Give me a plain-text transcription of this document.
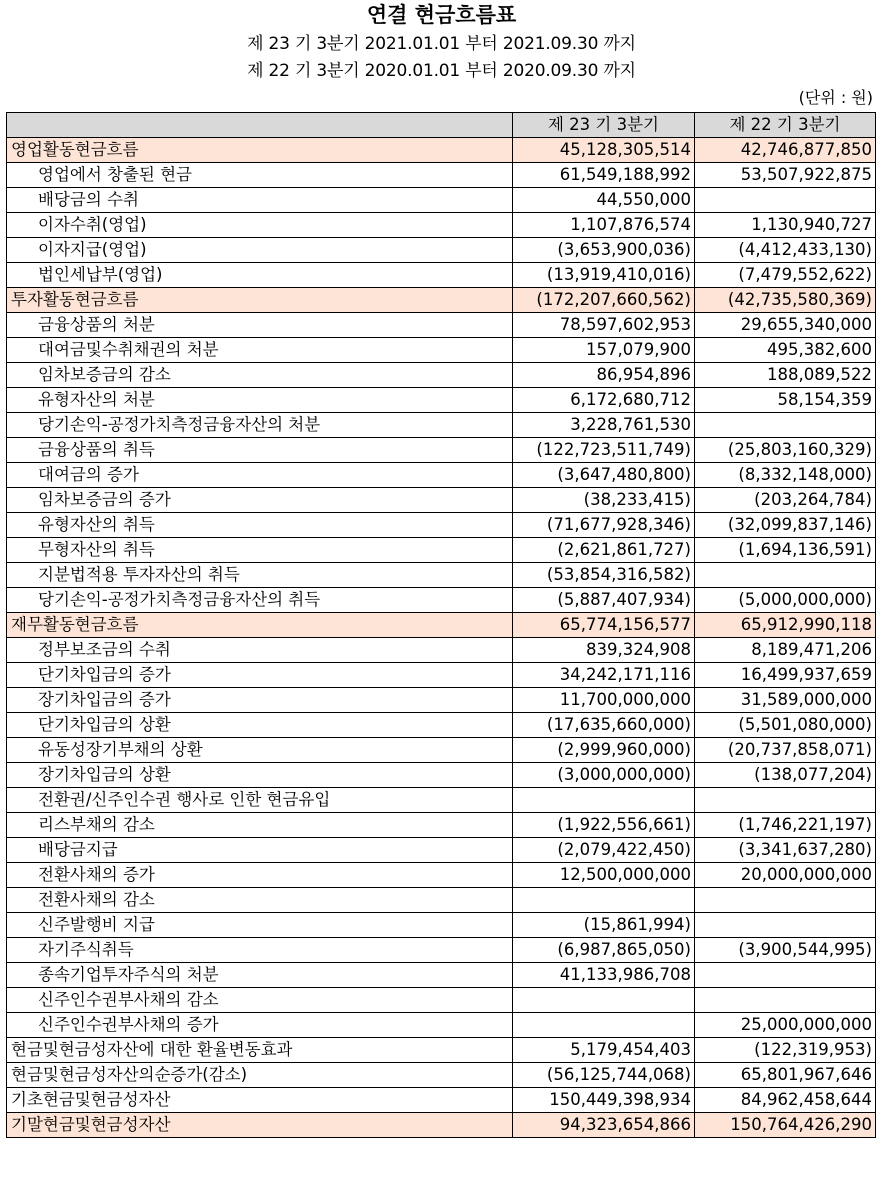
연결 현금흐름표
제 23 기 3분기 2021.01.01 부터 2021.09.30 까지
제 22 기 3분기 2020.01.01 부터 2020.09.30 까지
(단위 : 원)
	제 23 기 3분기	제 22 기 3분기
영업활동현금흐름	45,128,305,514	42,746,877,850
영업에서 창출된 현금	61,549,188,992	53,507,922,875
배당금의 수취	44,550,000	
이자수취(영업)	1,107,876,574	1,130,940,727
이자지급(영업)	(3,653,900,036)	(4,412,433,130)
법인세납부(영업)	(13,919,410,016)	(7,479,552,622)
투자활동현금흐름	(172,207,660,562)	(42,735,580,369)
금융상품의 처분	78,597,602,953	29,655,340,000
대여금및수취채권의 처분	157,079,900	495,382,600
임차보증금의 감소	86,954,896	188,089,522
유형자산의 처분	6,172,680,712	58,154,359
당기손익-공정가치측정금융자산의 처분	3,228,761,530	
금융상품의 취득	(122,723,511,749)	(25,803,160,329)
대여금의 증가	(3,647,480,800)	(8,332,148,000)
임차보증금의 증가	(38,233,415)	(203,264,784)
유형자산의 취득	(71,677,928,346)	(32,099,837,146)
무형자산의 취득	(2,621,861,727)	(1,694,136,591)
지분법적용 투자자산의 취득	(53,854,316,582)	
당기손익-공정가치측정금융자산의 취득	(5,887,407,934)	(5,000,000,000)
재무활동현금흐름	65,774,156,577	65,912,990,118
정부보조금의 수취	839,324,908	8,189,471,206
단기차입금의 증가	34,242,171,116	16,499,937,659
장기차입금의 증가	11,700,000,000	31,589,000,000
단기차입금의 상환	(17,635,660,000)	(5,501,080,000)
유동성장기부채의 상환	(2,999,960,000)	(20,737,858,071)
장기차입금의 상환	(3,000,000,000)	(138,077,204)
전환권/신주인수권 행사로 인한 현금유입		
리스부채의 감소	(1,922,556,661)	(1,746,221,197)
배당금지급	(2,079,422,450)	(3,341,637,280)
전환사채의 증가	12,500,000,000	20,000,000,000
전환사채의 감소		
신주발행비 지급	(15,861,994)	
자기주식취득	(6,987,865,050)	(3,900,544,995)
종속기업투자주식의 처분	41,133,986,708	
신주인수권부사채의 감소		
신주인수권부사채의 증가		25,000,000,000
현금및현금성자산에 대한 환율변동효과	5,179,454,403	(122,319,953)
현금및현금성자산의순증가(감소)	(56,125,744,068)	65,801,967,646
기초현금및현금성자산	150,449,398,934	84,962,458,644
기말현금및현금성자산	94,323,654,866	150,764,426,290
